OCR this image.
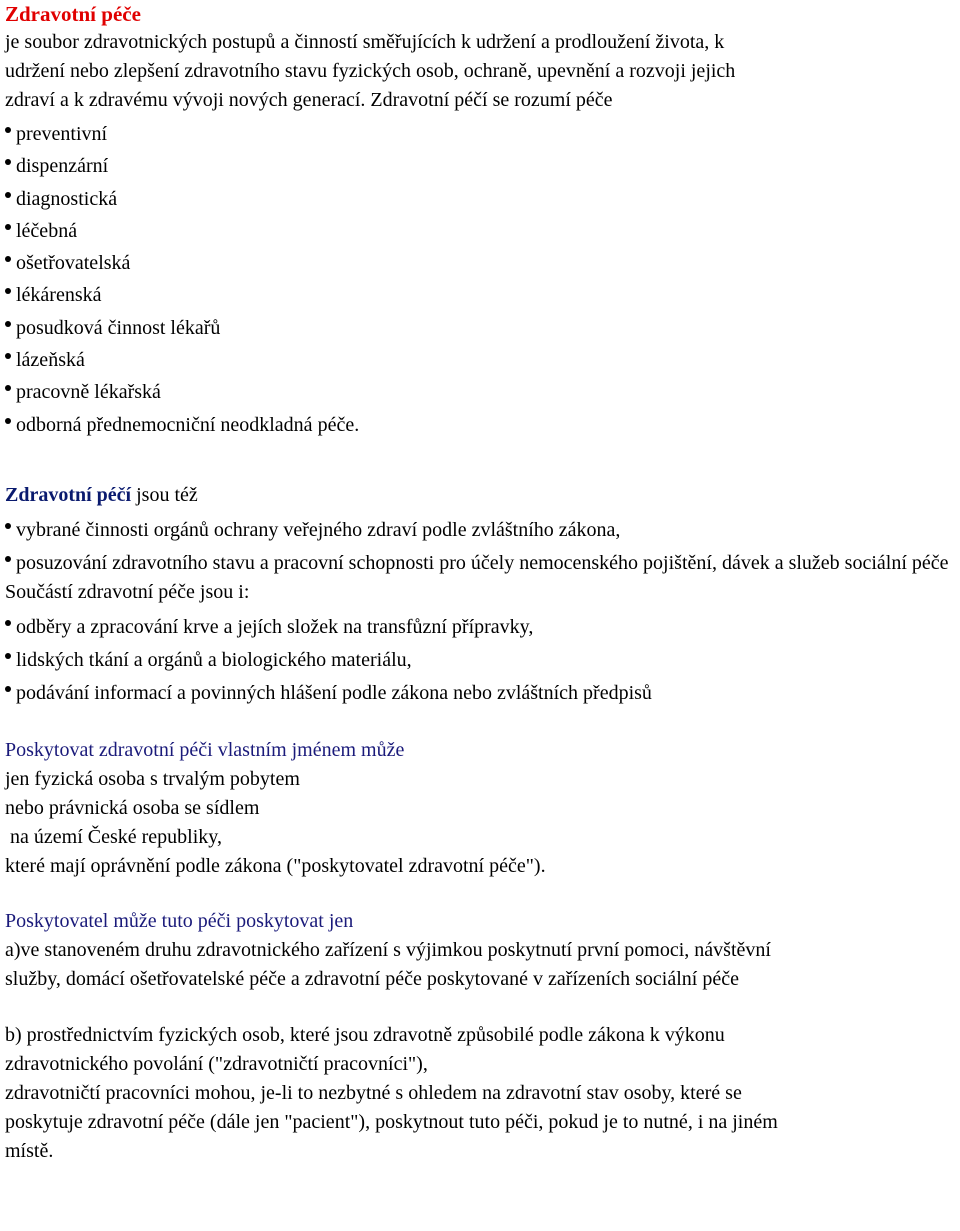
Zdravotní péče

je soubor zdravotnických postupů a činností směřujících k udržení a prodloužení života, k

udržení nebo zlepšení zdravotního stavu fyzických osob, ochraně, upevnění a rozvoji jejich

zdraví a k zdravému vývoji nových generací. Zdravotní péčí se rozumí péče

preventivní
dispenzární
diagnostická
léčebná
ošetřovatelská
lékárenská
posudková činnost lékařů
lázeňská
pracovně lékařská
odborná přednemocniční neodkladná péče.

Zdravotní péčí jsou též

vybrané činnosti orgánů ochrany veřejného zdraví podle zvláštního zákona,
posuzování zdravotního stavu a pracovní schopnosti pro účely nemocenského pojištění, dávek a služeb sociální péče

Součástí zdravotní péče jsou i:

odběry a zpracování krve a jejích složek na transfůzní přípravky,
lidských tkání a orgánů a biologického materiálu,
podávání informací a povinných hlášení podle zákona nebo zvláštních předpisů

Poskytovat zdravotní péči vlastním jménem může

jen fyzická osoba s trvalým pobytem

nebo právnická osoba se sídlem

na území České republiky,

které mají oprávnění podle zákona ("poskytovatel zdravotní péče").

Poskytovatel může tuto péči poskytovat jen

a)ve stanoveném druhu zdravotnického zařízení s výjimkou poskytnutí první pomoci, návštěvní

služby, domácí ošetřovatelské péče a zdravotní péče poskytované v zařízeních sociální péče

b) prostřednictvím fyzických osob, které jsou zdravotně způsobilé podle zákona k výkonu

zdravotnického povolání ("zdravotničtí pracovníci"),

zdravotničtí pracovníci mohou, je-li to nezbytné s ohledem na zdravotní stav osoby, které se

poskytuje zdravotní péče (dále jen "pacient"), poskytnout tuto péči, pokud je to nutné, i na jiném

místě.
